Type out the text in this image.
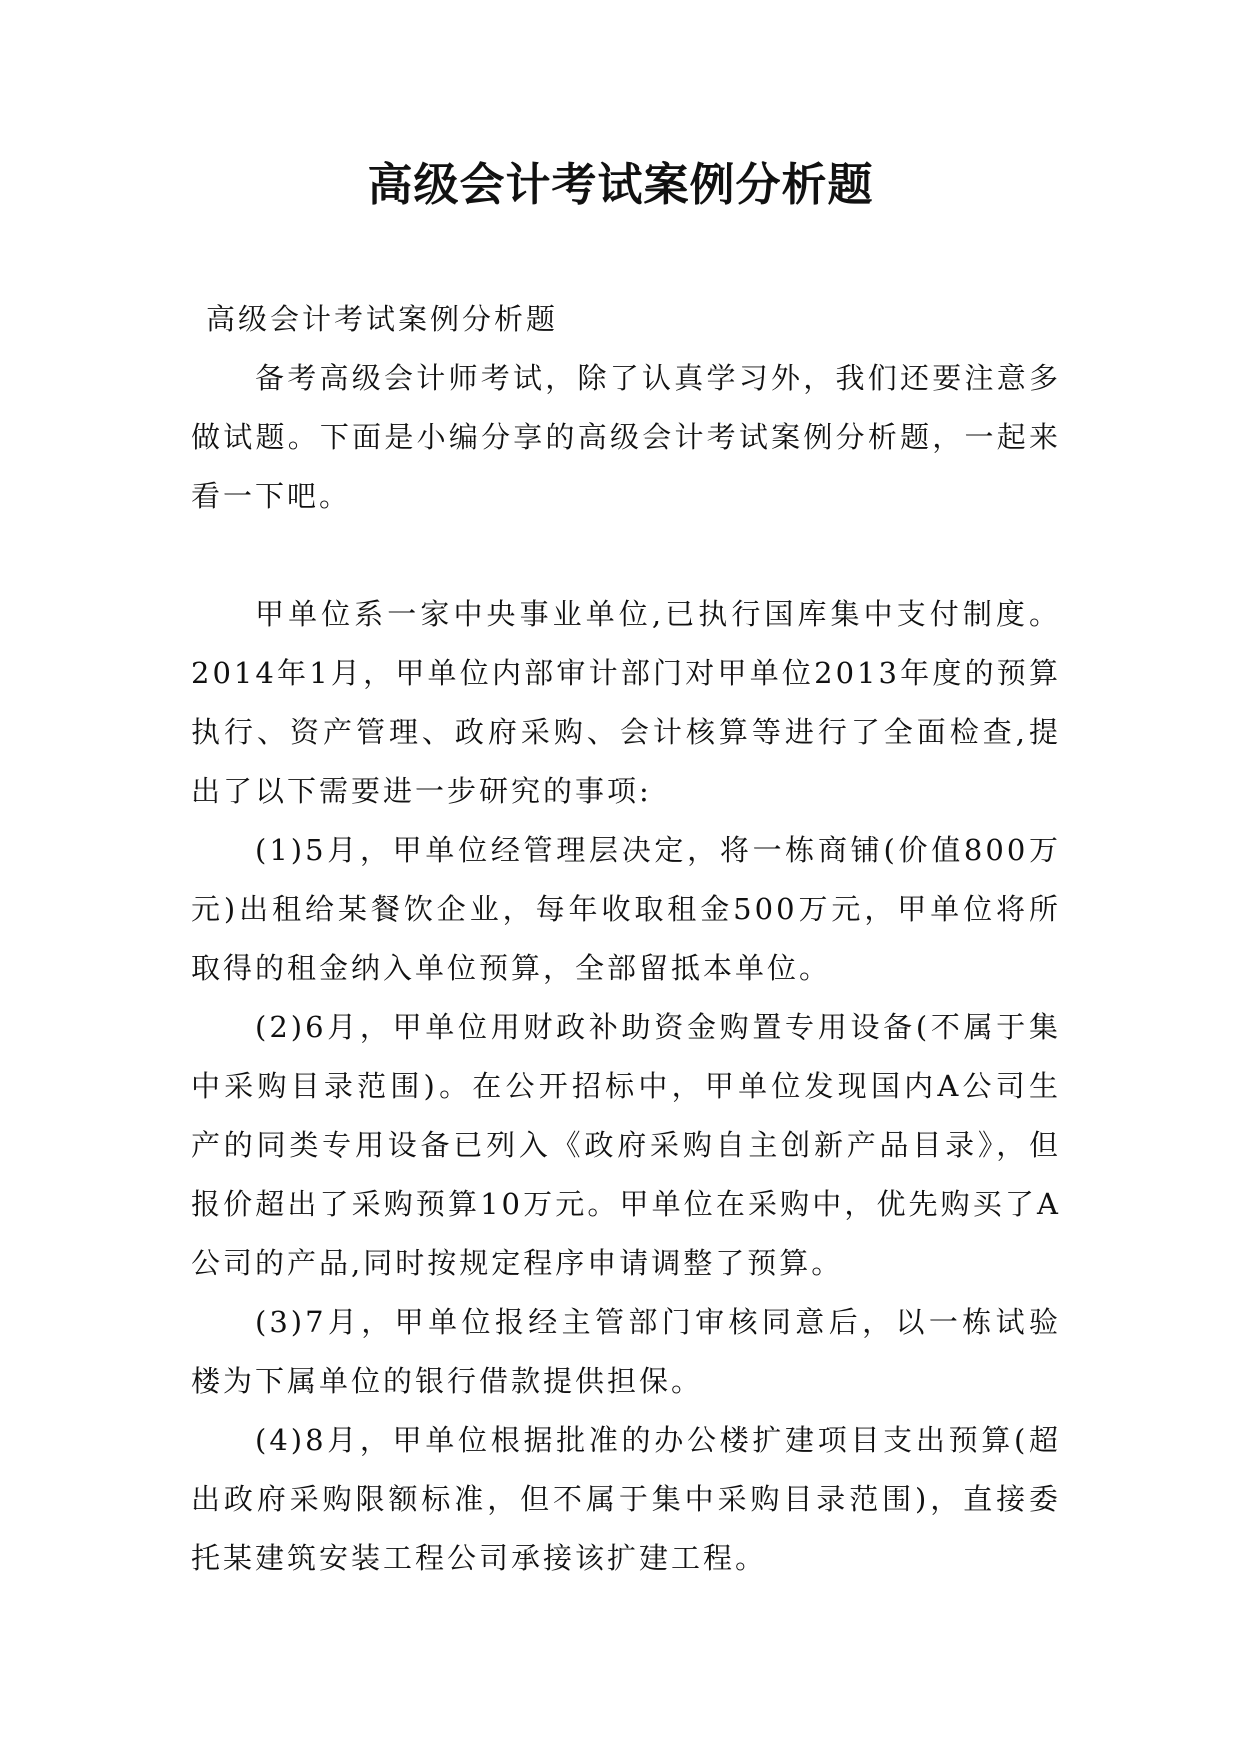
高级会计考试案例分析题

高级会计考试案例分析题

备考高级会计师考试，除了认真学习外，我们还要注意多做试题。下面是小编分享的高级会计考试案例分析题，一起来看一下吧。

甲单位系一家中央事业单位,已执行国库集中支付制度。2014年1月，甲单位内部审计部门对甲单位2013年度的预算执行、资产管理、政府采购、会计核算等进行了全面检查,提出了以下需要进一步研究的事项:

(1)5月，甲单位经管理层决定，将一栋商铺(价值800万元)出租给某餐饮企业，每年收取租金500万元，甲单位将所取得的租金纳入单位预算，全部留抵本单位。

(2)6月，甲单位用财政补助资金购置专用设备(不属于集中采购目录范围)。在公开招标中，甲单位发现国内A公司生产的同类专用设备已列入《政府采购自主创新产品目录》，但报价超出了采购预算10万元。甲单位在采购中，优先购买了A公司的产品,同时按规定程序申请调整了预算。

(3)7月，甲单位报经主管部门审核同意后，以一栋试验楼为下属单位的银行借款提供担保。

(4)8月，甲单位根据批准的办公楼扩建项目支出预算(超出政府采购限额标准，但不属于集中采购目录范围)，直接委托某建筑安装工程公司承接该扩建工程。
